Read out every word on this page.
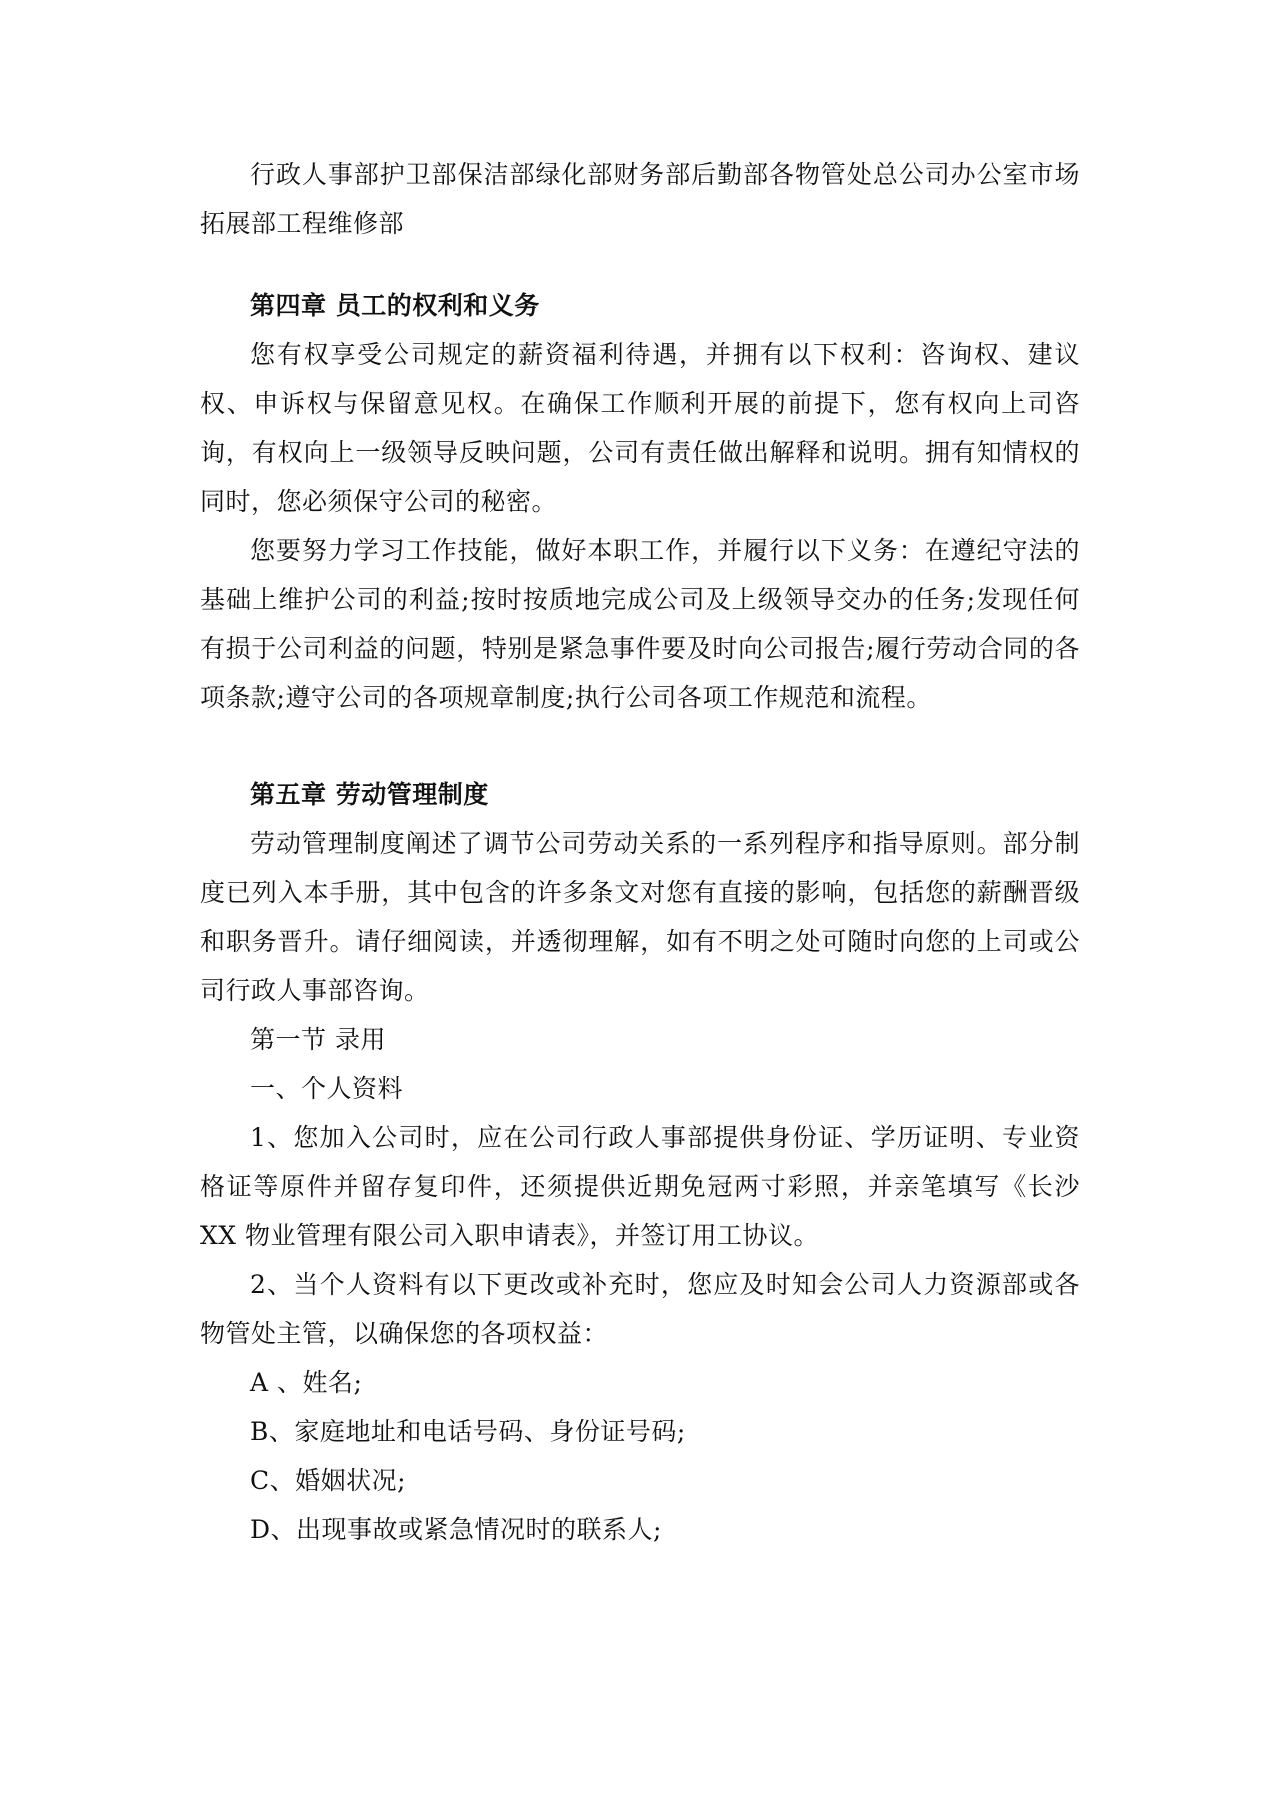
行政人事部护卫部保洁部绿化部财务部后勤部各物管处总公司办公室市场拓展部工程维修部

第四章 员工的权利和义务

您有权享受公司规定的薪资福利待遇，并拥有以下权利：咨询权、建议权、申诉权与保留意见权。在确保工作顺利开展的前提下，您有权向上司咨询，有权向上一级领导反映问题，公司有责任做出解释和说明。拥有知情权的同时，您必须保守公司的秘密。

您要努力学习工作技能，做好本职工作，并履行以下义务：在遵纪守法的基础上维护公司的利益;按时按质地完成公司及上级领导交办的任务;发现任何有损于公司利益的问题，特别是紧急事件要及时向公司报告;履行劳动合同的各项条款;遵守公司的各项规章制度;执行公司各项工作规范和流程。

第五章 劳动管理制度

劳动管理制度阐述了调节公司劳动关系的一系列程序和指导原则。部分制度已列入本手册，其中包含的许多条文对您有直接的影响，包括您的薪酬晋级和职务晋升。请仔细阅读，并透彻理解，如有不明之处可随时向您的上司或公司行政人事部咨询。

第一节 录用

一、个人资料

1、您加入公司时，应在公司行政人事部提供身份证、学历证明、专业资格证等原件并留存复印件，还须提供近期免冠两寸彩照，并亲笔填写《长沙 XX 物业管理有限公司入职申请表》，并签订用工协议。

2、当个人资料有以下更改或补充时，您应及时知会公司人力资源部或各物管处主管，以确保您的各项权益：

A 、姓名;

B、家庭地址和电话号码、身份证号码;

C、婚姻状况;

D、出现事故或紧急情况时的联系人;
